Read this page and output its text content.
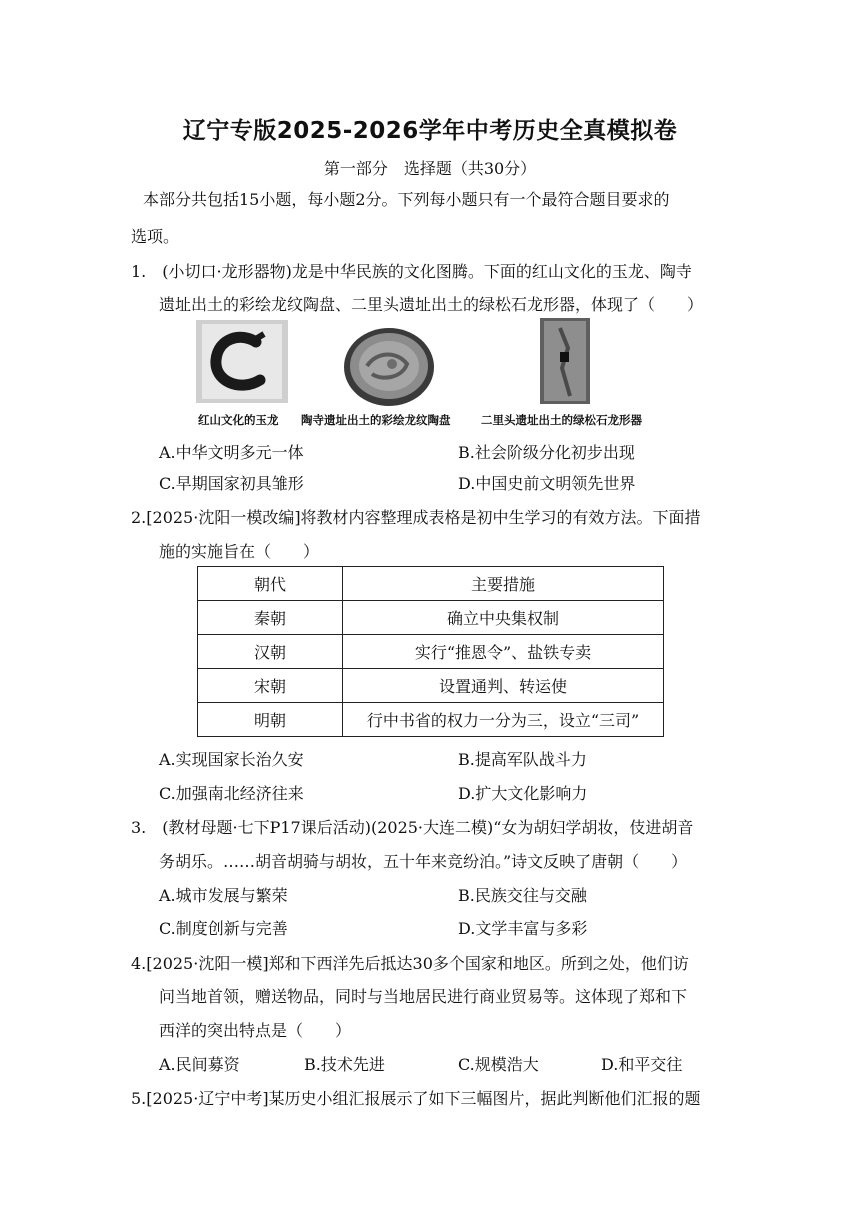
辽宁专版2025-2026学年中考历史全真模拟卷
第一部分　选择题（共30分）
本部分共包括15小题，每小题2分。下列每小题只有一个最符合题目要求的
选项。
1.　(小切口·龙形器物)龙是中华民族的文化图腾。下面的红山文化的玉龙、陶寺
遗址出土的彩绘龙纹陶盘、二里头遗址出土的绿松石龙形器，体现了（　　）
红山文化的玉龙 陶寺遗址出土的彩绘龙纹陶盘	二里头遗址出土的绿松石龙形器
A.中华文明多元一体	B.社会阶级分化初步出现
C.早期国家初具雏形	D.中国史前文明领先世界
2.[2025·沈阳一模改编]将教材内容整理成表格是初中生学习的有效方法。下面措
施的实施旨在（　　）
朝代	主要措施
秦朝	确立中央集权制
汉朝	实行“推恩令”、盐铁专卖
宋朝	设置通判、转运使
明朝	行中书省的权力一分为三，设立“三司”
A.实现国家长治久安	B.提高军队战斗力
C.加强南北经济往来	D.扩大文化影响力
3.　(教材母题·七下P17课后活动)(2025·大连二模)“女为胡妇学胡妆，伎进胡音
务胡乐。……胡音胡骑与胡妆，五十年来竞纷泊。”诗文反映了唐朝（　　）
A.城市发展与繁荣	B.民族交往与交融
C.制度创新与完善	D.文学丰富与多彩
4.[2025·沈阳一模]郑和下西洋先后抵达30多个国家和地区。所到之处，他们访
问当地首领，赠送物品，同时与当地居民进行商业贸易等。这体现了郑和下
西洋的突出特点是（　　）
A.民间募资	B.技术先进	C.规模浩大	D.和平交往
5.[2025·辽宁中考]某历史小组汇报展示了如下三幅图片，据此判断他们汇报的题
